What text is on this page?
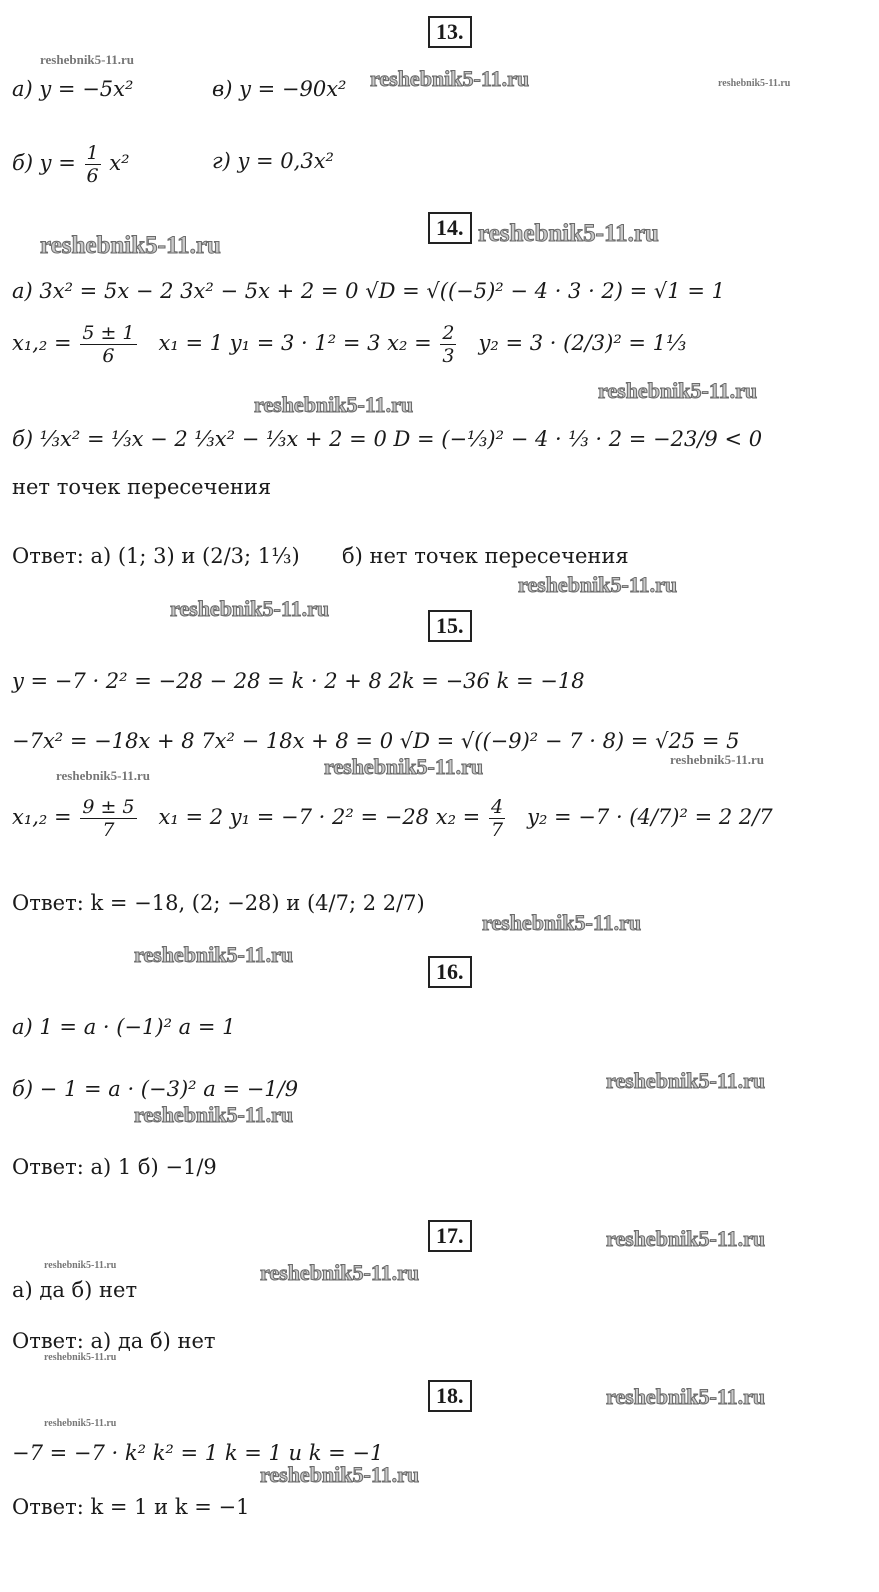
13.
14.
15.
16.
17.
18.
а) y = −5x²	в) y = −90x²
б) $y = \frac{1}{6} x^2$	г) y = 0,3x²
а) 3x² = 5x − 2 3x² − 5x + 2 = 0 √D = √((−5)² − 4 · 3 · 2) = √1 = 1
$x_1,_2 = \frac{5 \pm 1}{6} x_1 = 1$ y₁ = 3 · 1² = 3 $x_2 = \frac{2}{3} y_2 = 3 \cdot (2/3)^2$ = 1⅓
б) ⅓x² = ⅓x − 2 ⅓x² − ⅓x + 2 = 0 D = (−⅓)² − 4 · ⅓ · 2 = −23/9 < 0
нет точек пересечения
Ответ: а) (1; 3) и (2/3; 1⅓) б) нет точек пересечения
y = −7 · 2² = −28 − 28 = k · 2 + 8 2k = −36 k = −18
−7x² = −18x + 8 7x² − 18x + 8 = 0 √D = √((−9)² − 7 · 8) = √25 = 5
$x_1,_2 = \frac{9 \pm 5}{7} x_1 = 2$ y₁ = −7 · 2² = −28 $x_2 = \frac{4}{7} y_2 = -7 \cdot (4/7)^2 = 2$ 2/7
Ответ: k = −18, (2; −28) и (4/7; 2 2/7)
а) 1 = a · (−1)² a = 1
б) − 1 = a · (−3)² a = −1/9
Ответ: а) 1 б) −1/9
а) да б) нет
Ответ: а) да б) нет
−7 = −7 · k² k² = 1 k = 1 и k = −1
Ответ: k = 1 и k = −1
reshebnik5-11.ru
reshebnik5-11.ru	reshebnik5-11.ru
reshebnik5-11.ru	reshebnik5-11.ru
reshebnik5-11.ru
reshebnik5-11.ru
reshebnik5-11.ru
reshebnik5-11.ru
reshebnik5-11.ru
reshebnik5-11.ru
reshebnik5-11.ru
reshebnik5-11.ru
reshebnik5-11.ru
reshebnik5-11.ru
reshebnik5-11.ru
reshebnik5-11.ru
reshebnik5-11.ru	reshebnik5-11.ru
reshebnik5-11.ru
reshebnik5-11.ru
reshebnik5-11.ru
reshebnik5-11.ru
